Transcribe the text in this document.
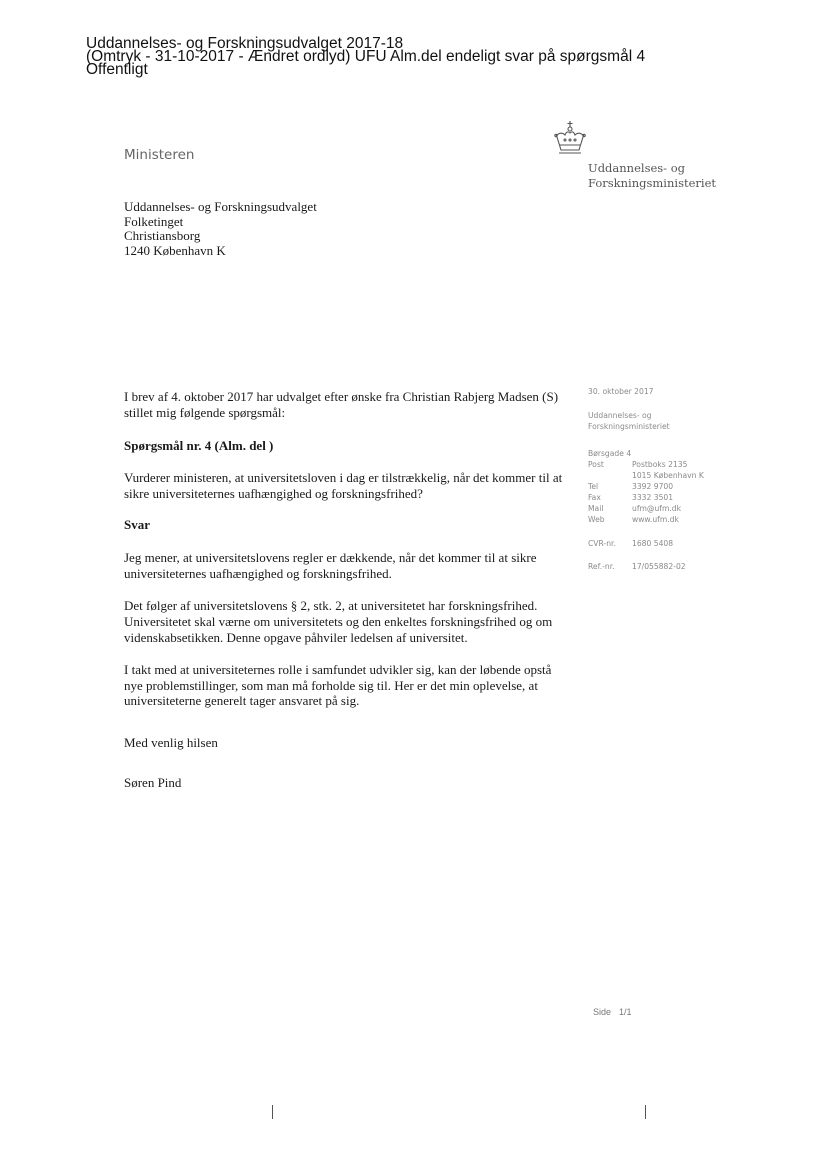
Uddannelses- og Forskningsudvalget 2017-18
(Omtryk - 31-10-2017 - Ændret ordlyd) UFU Alm.del endeligt svar på spørgsmål 4
Offentligt
Ministeren
Uddannelses- og
Forskningsministeriet
Uddannelses- og Forskningsudvalget
Folketinget
Christiansborg
1240 København K

I brev af 4. oktober 2017 har udvalget efter ønske fra Christian Rabjerg Madsen (S) stillet mig følgende spørgsmål:

Spørgsmål nr. 4 (Alm. del )

Vurderer ministeren, at universitetsloven i dag er tilstrækkelig, når det kommer til at sikre universiteternes uafhængighed og forskningsfrihed?

Svar

Jeg mener, at universitetslovens regler er dækkende, når det kommer til at sikre universiteternes uafhængighed og forskningsfrihed.

Det følger af universitetslovens § 2, stk. 2, at universitetet har forskningsfrihed. Universitetet skal værne om universitetets og den enkeltes forskningsfrihed og om videnskabsetikken. Denne opgave påhviler ledelsen af universitet.

I takt med at universiteternes rolle i samfundet udvikler sig, kan der løbende opstå nye problemstillinger, som man må forholde sig til. Her er det min oplevelse, at universiteterne generelt tager ansvaret på sig.

Med venlig hilsen

Søren Pind

30. oktober 2017
Uddannelses- og
Forskningsministeriet
Børsgade 4
Post	Postboks 2135
1015 København K
Tel	3392 9700
Fax	3332 3501
Mail	ufm@ufm.dk
Web	www.ufm.dk
CVR-nr.	1680 5408
Ref.-nr.	17/055882-02
Side 1/1
